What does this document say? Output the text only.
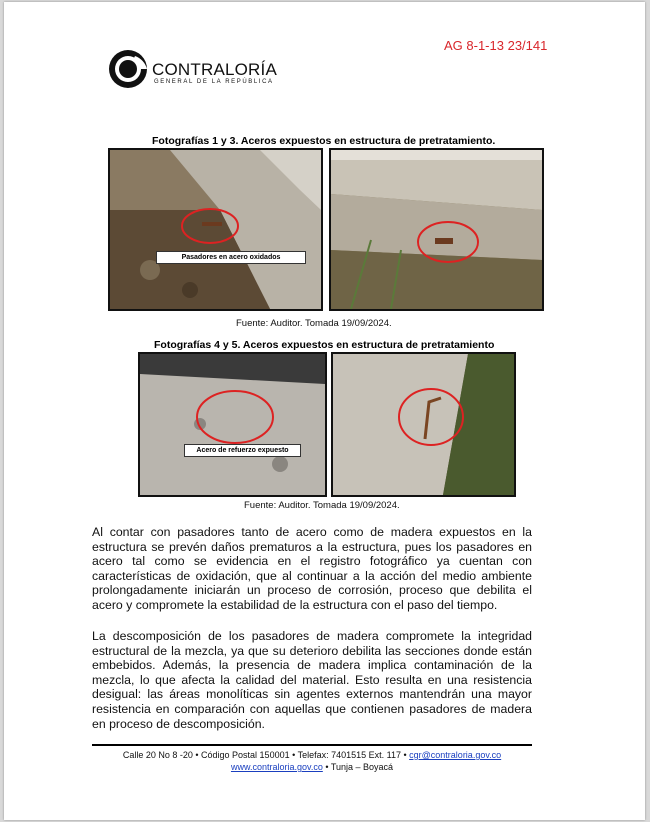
AG 8-1-13 23/141
CONTRALORÍA
GENERAL DE LA REPÚBLICA
Fotografías 1 y 3. Aceros expuestos en estructura de pretratamiento.
Pasadores en acero oxidados
Fuente: Auditor. Tomada 19/09/2024.
Fotografías 4 y 5. Aceros expuestos en estructura de pretratamiento
Acero de refuerzo expuesto
Fuente: Auditor. Tomada 19/09/2024.
Al contar con pasadores tanto de acero como de madera expuestos en la estructura se prevén daños prematuros a la estructura, pues los pasadores en acero tal como se evidencia en el registro fotográfico ya cuentan con características de oxidación, que al continuar a la acción del medio ambiente prolongadamente iniciarán un proceso de corrosión, proceso que debilita el acero y compromete la estabilidad de la estructura con el paso del tiempo.
La descomposición de los pasadores de madera compromete la integridad estructural de la mezcla, ya que su deterioro debilita las secciones donde están embebidos. Además, la presencia de madera implica contaminación de la mezcla, lo que afecta la calidad del material. Esto resulta en una resistencia desigual: las áreas monolíticas sin agentes externos mantendrán una mayor resistencia en comparación con aquellas que contienen pasadores de madera en proceso de descomposición.
Calle 20 No 8 -20 • Código Postal 150001 • Telefax: 7401515 Ext. 117 • cgr@contraloria.gov.co
www.contraloria.gov.co • Tunja – Boyacá
